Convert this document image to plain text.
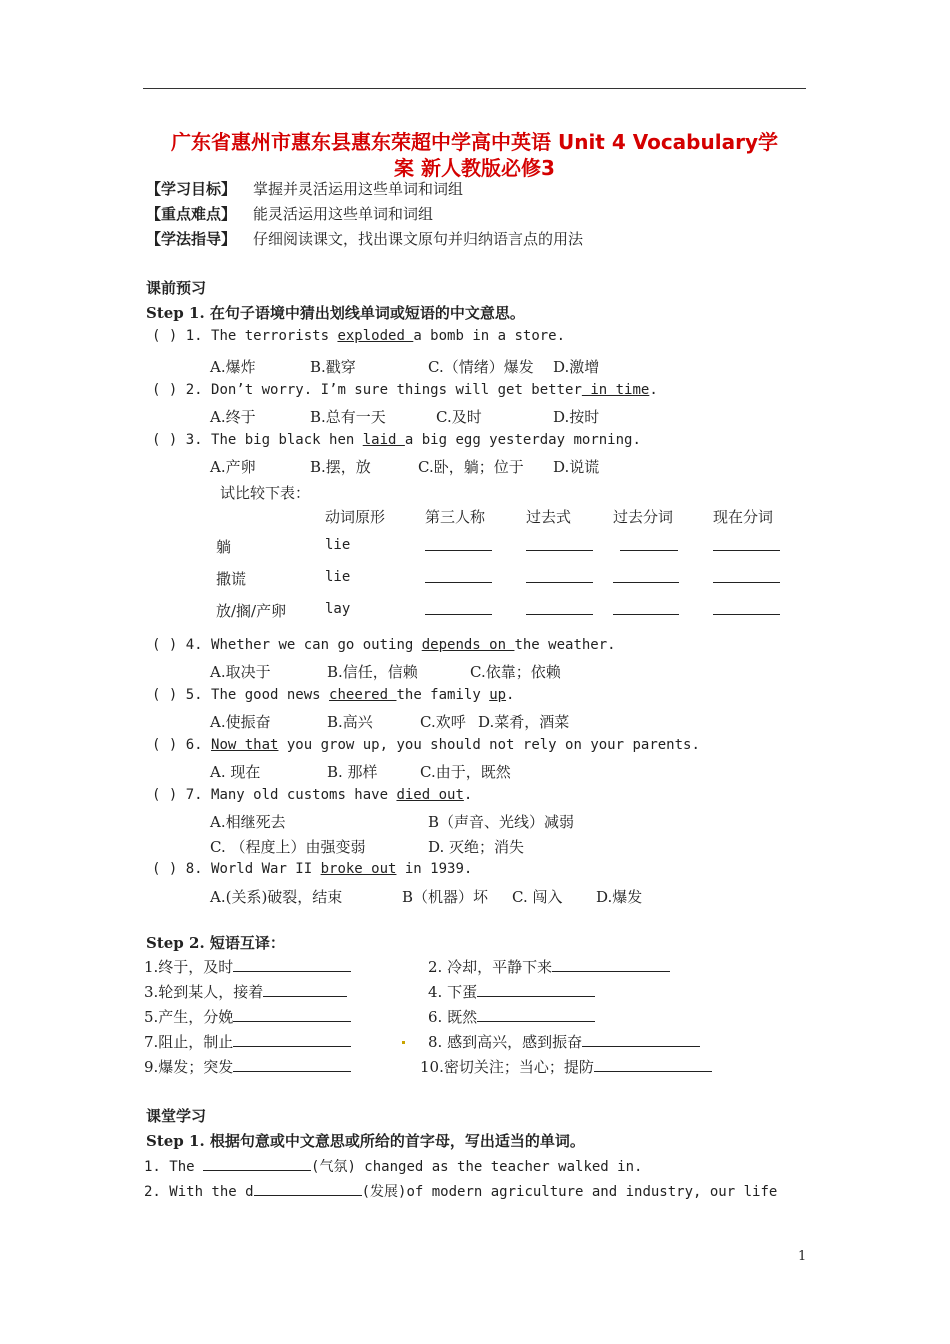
广东省惠州市惠东县惠东荣超中学高中英语 Unit 4 Vocabulary学
案 新人教版必修3
【学习目标】 掌握并灵活运用这些单词和词组
【重点难点】 能灵活运用这些单词和词组
【学法指导】 仔细阅读课文，找出课文原句并归纳语言点的用法
课前预习
Step 1. 在句子语境中猜出划线单词或短语的中文意思。
( ) 1. The terrorists exploded a bomb in a store.
A.爆炸	B.戳穿	C.（情绪）爆发 D.激增
( ) 2. Don’t worry. I’m sure things will get better in time.
A.终于	B.总有一天	C.及时	D.按时
( ) 3. The big black hen laid a big egg yesterday morning.
A.产卵	B.摆，放	C.卧，躺；位于 D.说谎
试比较下表：
动词原形	第三人称	过去式	过去分词	现在分词
躺	lie
撒谎	lie
放/搁/产卵	lay
( ) 4. Whether we can go outing depends on the weather.
A.取决于	B.信任，信赖	C.依靠；依赖
( ) 5. The good news cheered the family up.
A.使振奋	B.高兴	C.欢呼 D.菜肴，酒菜
( ) 6. Now that you grow up, you should not rely on your parents.
A. 现在	B. 那样	C.由于，既然
( ) 7. Many old customs have died out.
A.相继死去	B（声音、光线）减弱
C. （程度上）由强变弱	D. 灭绝；消失
( ) 8. World War II broke out in 1939.
A.(关系)破裂，结束	B（机器）坏 C. 闯入 D.爆发
Step 2. 短语互译：
1.终于，及时	2. 冷却，平静下来
3.轮到某人，接着	4. 下蛋
5.产生，分娩	6. 既然
7.阻止，制止	8. 感到高兴，感到振奋
9.爆发；突发	10.密切关注；当心；提防
课堂学习
Step 1. 根据句意或中文意思或所给的首字母，写出适当的单词。
1. The	(气氛) changed as the teacher walked in.
2. With the d	(发展)of modern agriculture and industry, our life
1
